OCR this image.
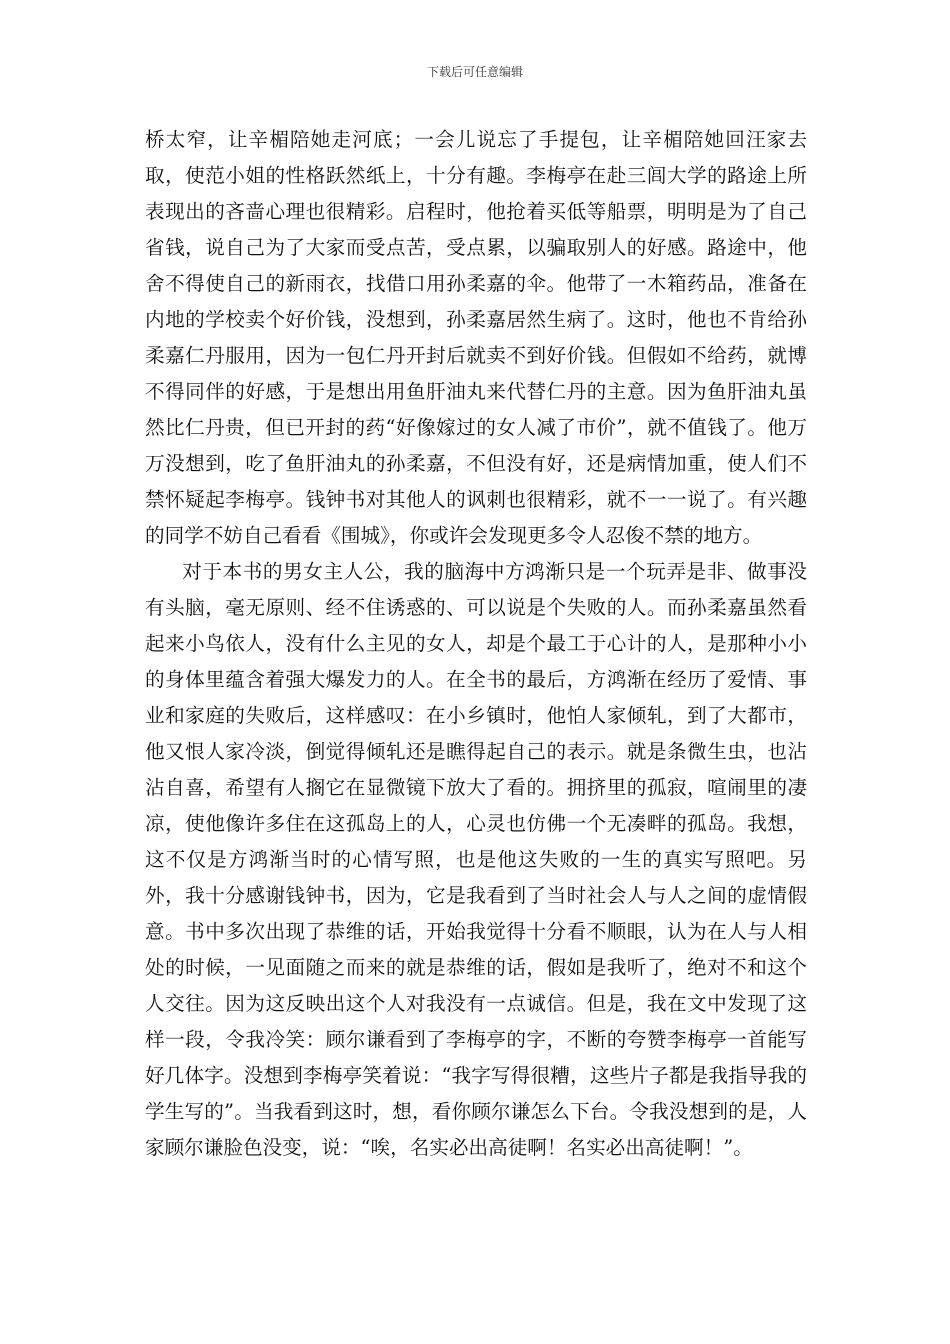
下载后可任意编辑

桥太窄，让辛楣陪她走河底；一会儿说忘了手提包，让辛楣陪她回汪家去取，使范小姐的性格跃然纸上，十分有趣。李梅亭在赴三闾大学的路途上所表现出的吝啬心理也很精彩。启程时，他抢着买低等船票，明明是为了自己省钱，说自己为了大家而受点苦，受点累，以骗取别人的好感。路途中，他舍不得使自己的新雨衣，找借口用孙柔嘉的伞。他带了一木箱药品，准备在内地的学校卖个好价钱，没想到，孙柔嘉居然生病了。这时，他也不肯给孙柔嘉仁丹服用，因为一包仁丹开封后就卖不到好价钱。但假如不给药，就博不得同伴的好感，于是想出用鱼肝油丸来代替仁丹的主意。因为鱼肝油丸虽然比仁丹贵，但已开封的药“好像嫁过的女人减了市价”，就不值钱了。他万万没想到，吃了鱼肝油丸的孙柔嘉，不但没有好，还是病情加重，使人们不禁怀疑起李梅亭。钱钟书对其他人的讽刺也很精彩，就不一一说了。有兴趣的同学不妨自己看看《围城》，你或许会发现更多令人忍俊不禁的地方。

对于本书的男女主人公，我的脑海中方鸿渐只是一个玩弄是非、做事没有头脑，毫无原则、经不住诱惑的、可以说是个失败的人。而孙柔嘉虽然看起来小鸟依人，没有什么主见的女人，却是个最工于心计的人，是那种小小的身体里蕴含着强大爆发力的人。在全书的最后，方鸿渐在经历了爱情、事业和家庭的失败后，这样感叹：在小乡镇时，他怕人家倾轧，到了大都市，他又恨人家冷淡，倒觉得倾轧还是瞧得起自己的表示。就是条微生虫，也沾沾自喜，希望有人搁它在显微镜下放大了看的。拥挤里的孤寂，喧闹里的凄凉，使他像许多住在这孤岛上的人，心灵也仿佛一个无凑畔的孤岛。我想，这不仅是方鸿渐当时的心情写照，也是他这失败的一生的真实写照吧。另外，我十分感谢钱钟书，因为，它是我看到了当时社会人与人之间的虚情假意。书中多次出现了恭维的话，开始我觉得十分看不顺眼，认为在人与人相处的时候，一见面随之而来的就是恭维的话，假如是我听了，绝对不和这个人交往。因为这反映出这个人对我没有一点诚信。但是，我在文中发现了这样一段，令我冷笑：顾尔谦看到了李梅亭的字，不断的夸赞李梅亭一首能写好几体字。没想到李梅亭笑着说：“我字写得很糟，这些片子都是我指导我的学生写的”。当我看到这时，想，看你顾尔谦怎么下台。令我没想到的是，人家顾尔谦脸色没变，说：“唉，名实必出高徒啊！名实必出高徒啊！”。
